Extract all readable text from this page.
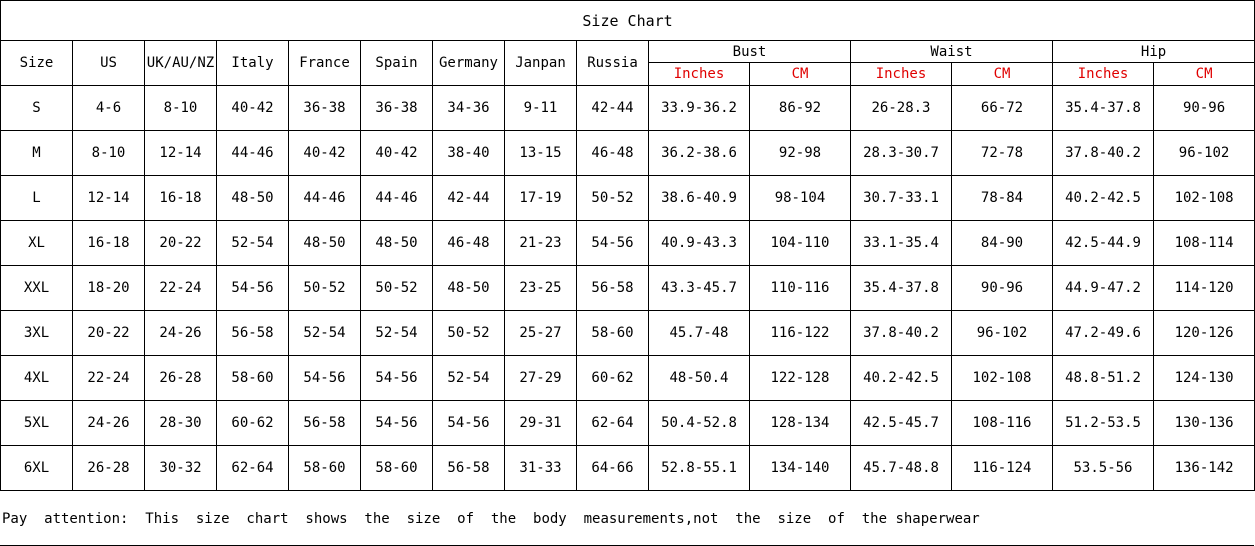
Size Chart														
Size	US	UK/AU/NZ	Italy	France	Spain	Germany	Janpan	Russia	Bust		Waist		Hip	
									Inches	CM	Inches	CM	Inches	CM
S	4-6	8-10	40-42	36-38	36-38	34-36	9-11	42-44	33.9-36.2	86-92	26-28.3	66-72	35.4-37.8	90-96
M	8-10	12-14	44-46	40-42	40-42	38-40	13-15	46-48	36.2-38.6	92-98	28.3-30.7	72-78	37.8-40.2	96-102
L	12-14	16-18	48-50	44-46	44-46	42-44	17-19	50-52	38.6-40.9	98-104	30.7-33.1	78-84	40.2-42.5	102-108
XL	16-18	20-22	52-54	48-50	48-50	46-48	21-23	54-56	40.9-43.3	104-110	33.1-35.4	84-90	42.5-44.9	108-114
XXL	18-20	22-24	54-56	50-52	50-52	48-50	23-25	56-58	43.3-45.7	110-116	35.4-37.8	90-96	44.9-47.2	114-120
3XL	20-22	24-26	56-58	52-54	52-54	50-52	25-27	58-60	45.7-48	116-122	37.8-40.2	96-102	47.2-49.6	120-126
4XL	22-24	26-28	58-60	54-56	54-56	52-54	27-29	60-62	48-50.4	122-128	40.2-42.5	102-108	48.8-51.2	124-130
5XL	24-26	28-30	60-62	56-58	54-56	54-56	29-31	62-64	50.4-52.8	128-134	42.5-45.7	108-116	51.2-53.5	130-136
6XL	26-28	30-32	62-64	58-60	58-60	56-58	31-33	64-66	52.8-55.1	134-140	45.7-48.8	116-124	53.5-56	136-142
Pay  attention:  This  size  chart  shows  the  size  of  the  body  measurements,not  the  size  of  the shaperwear
